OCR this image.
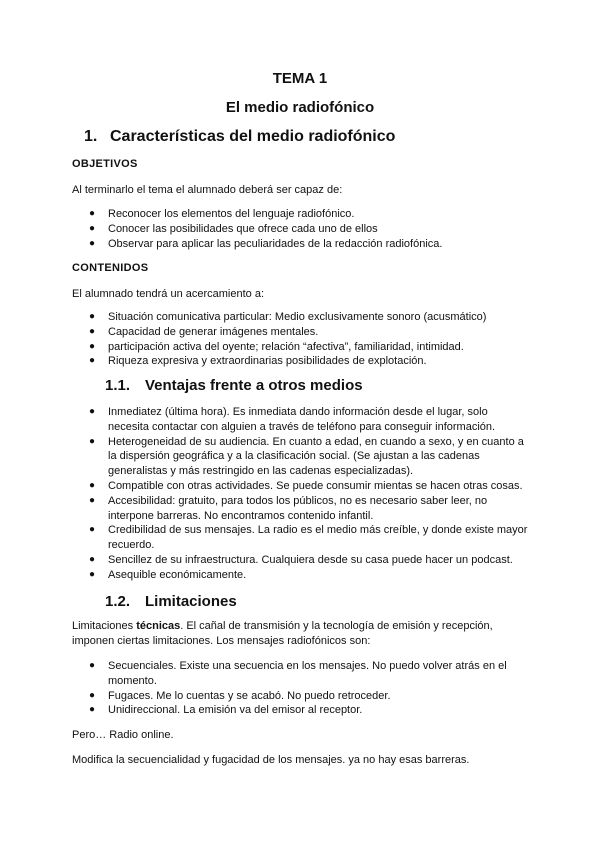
TEMA 1
El medio radiofónico
1. Características del medio radiofónico
OBJETIVOS
Al terminarlo el tema el alumnado deberá ser capaz de:
● Reconocer los elementos del lenguaje radiofónico.
● Conocer las posibilidades que ofrece cada uno de ellos
● Observar para aplicar las peculiaridades de la redacción radiofónica.
CONTENIDOS
El alumnado tendrá un acercamiento a:
● Situación comunicativa particular: Medio exclusivamente sonoro (acusmático)
● Capacidad de generar imágenes mentales.
● participación activa del oyente; relación “afectiva”, familiaridad, intimidad.
● Riqueza expresiva y extraordinarias posibilidades de explotación.
1.1. Ventajas frente a otros medios
● Inmediatez (última hora). Es inmediata dando información desde el lugar, solo necesita contactar con alguien a través de teléfono para conseguir información.
● Heterogeneidad de su audiencia. En cuanto a edad, en cuando a sexo, y en cuanto a la dispersión geográfica y a la clasificación social. (Se ajustan a las cadenas generalistas y más restringido en las cadenas especializadas).
● Compatible con otras actividades. Se puede consumir mientas se hacen otras cosas.
● Accesibilidad: gratuito, para todos los públicos, no es necesario saber leer, no interpone barreras. No encontramos contenido infantil.
● Credibilidad de sus mensajes. La radio es el medio más creíble, y donde existe mayor recuerdo.
● Sencillez de su infraestructura. Cualquiera desde su casa puede hacer un podcast.
● Asequible económicamente.
1.2. Limitaciones
Limitaciones técnicas. El cañal de transmisión y la tecnología de emisión y recepción, imponen ciertas limitaciones. Los mensajes radiofónicos son:
● Secuenciales. Existe una secuencia en los mensajes. No puedo volver atrás en el momento.
● Fugaces. Me lo cuentas y se acabó. No puedo retroceder.
● Unidireccional. La emisión va del emisor al receptor.
Pero… Radio online.
Modifica la secuencialidad y fugacidad de los mensajes. ya no hay esas barreras.
